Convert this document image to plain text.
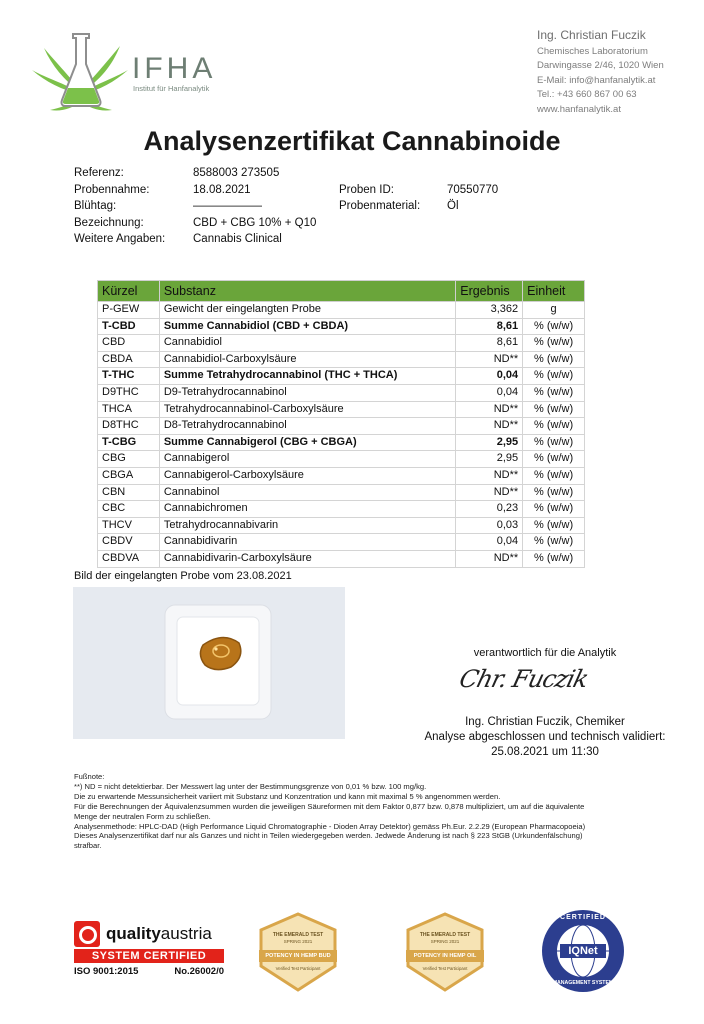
IFHA
Institut für Hanfanalytik
Ing. Christian Fuczik
Chemisches Laboratorium
Darwingasse 2/46, 1020 Wien
E-Mail: info@hanfanalytik.at
Tel.: +43 660 867 00 63
www.hanfanalytik.at
Analysenzertifikat Cannabinoide
Referenz:	8588003 273505
Probennahme:	18.08.2021
Blühtag:	——————
Bezeichnung:	CBD + CBG 10% + Q10
Weitere Angaben:	Cannabis Clinical
Proben ID:	70550770
Probenmaterial:	Öl
Kürzel	Substanz	Ergebnis	Einheit
P-GEW	Gewicht der eingelangten Probe	3,362	g
T-CBD	Summe Cannabidiol (CBD + CBDA)	8,61	% (w/w)
CBD	Cannabidiol	8,61	% (w/w)
CBDA	Cannabidiol-Carboxylsäure	ND**	% (w/w)
T-THC	Summe Tetrahydrocannabinol (THC + THCA)	0,04	% (w/w)
D9THC	D9-Tetrahydrocannabinol	0,04	% (w/w)
THCA	Tetrahydrocannabinol-Carboxylsäure	ND**	% (w/w)
D8THC	D8-Tetrahydrocannabinol	ND**	% (w/w)
T-CBG	Summe Cannabigerol (CBG + CBGA)	2,95	% (w/w)
CBG	Cannabigerol	2,95	% (w/w)
CBGA	Cannabigerol-Carboxylsäure	ND**	% (w/w)
CBN	Cannabinol	ND**	% (w/w)
CBC	Cannabichromen	0,23	% (w/w)
THCV	Tetrahydrocannabivarin	0,03	% (w/w)
CBDV	Cannabidivarin	0,04	% (w/w)
CBDVA	Cannabidivarin-Carboxylsäure	ND**	% (w/w)
Bild der eingelangten Probe vom 23.08.2021
verantwortlich für die Analytik
Chr. Fuczik
Ing. Christian Fuczik, Chemiker
Analyse abgeschlossen und technisch validiert:
25.08.2021 um 11:30
Fußnote:
**) ND = nicht detektierbar. Der Messwert lag unter der Bestimmungsgrenze von 0,01 % bzw. 100 mg/kg.
Die zu erwartende Messunsicherheit variiert mit Substanz und Konzentration und kann mit maximal 5 % angenommen werden.
Für die Berechnungen der Äquivalenzsummen wurden die jeweiligen Säureformen mit dem Faktor 0,877 bzw. 0,878 multipliziert, um auf die äquivalente
Menge der neutralen Form zu schließen.
Analysenmethode: HPLC-DAD (High Performance Liquid Chromatographie - Dioden Array Detektor) gemäss Ph.Eur. 2.2.29 (European Pharmacopoeia)
Dieses Analysenzertifikat darf nur als Ganzes und nicht in Teilen wiedergegeben werden. Jedwede Änderung ist nach § 223 StGB (Urkundenfälschung)
strafbar.
qualityaustria
SYSTEM CERTIFIED
ISO 9001:2015	No.26002/0
THE EMERALD TEST
SPRING 2021
POTENCY IN HEMP BUD
Verified Test Participant
THE EMERALD TEST
SPRING 2021
POTENCY IN HEMP OIL
Verified Test Participant
IQNet
CERTIFIED
MANAGEMENT SYSTEM
